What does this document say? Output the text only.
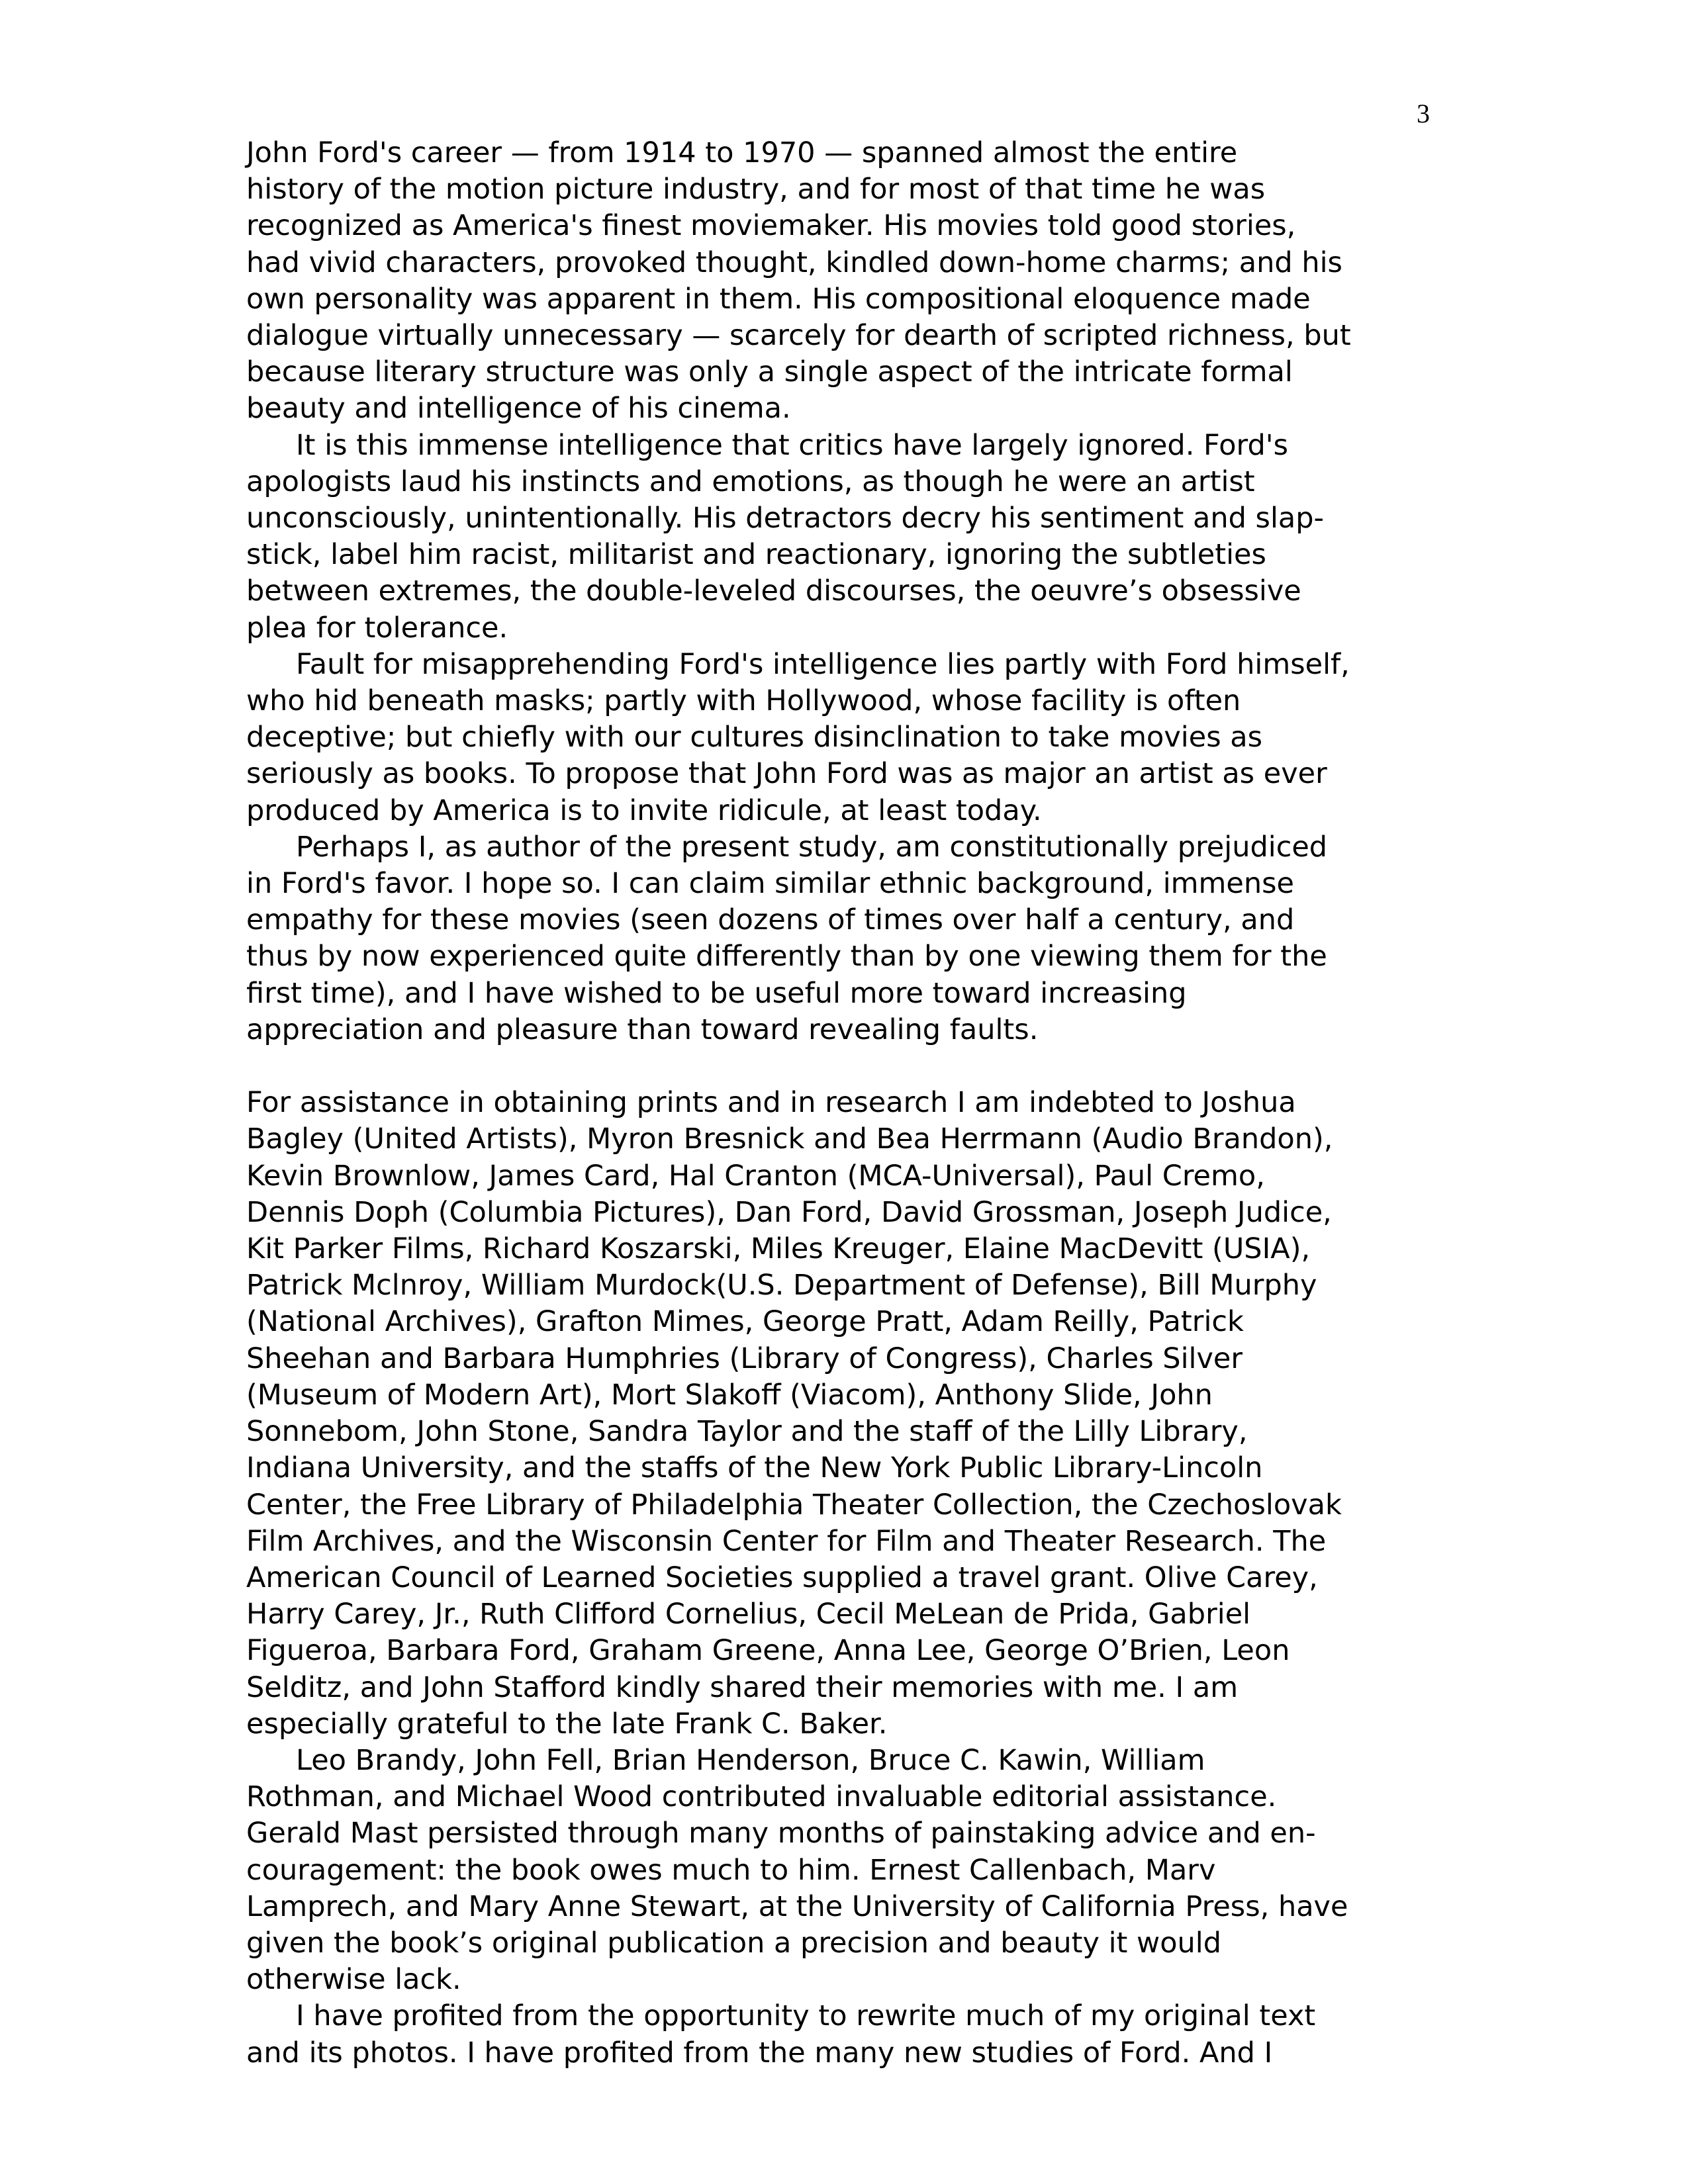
3

John Ford's career — from 1914 to 1970 — spanned almost the entire
history of the motion picture industry, and for most of that time he was
recognized as America's finest moviemaker. His movies told good stories,
had vivid characters, provoked thought, kindled down-home charms; and his
own personality was apparent in them. His compositional eloquence made
dialogue virtually unnecessary — scarcely for dearth of scripted richness, but
because literary structure was only a single aspect of the intricate formal
beauty and intelligence of his cinema.

It is this immense intelligence that critics have largely ignored. Ford's
apologists laud his instincts and emotions, as though he were an artist
unconsciously, unintentionally. His detractors decry his sentiment and slap-
stick, label him racist, militarist and reactionary, ignoring the subtleties
between extremes, the double-leveled discourses, the oeuvre’s obsessive
plea for tolerance.

Fault for misapprehending Ford's intelligence lies partly with Ford himself,
who hid beneath masks; partly with Hollywood, whose facility is often
deceptive; but chiefly with our cultures disinclination to take movies as
seriously as books. To propose that John Ford was as major an artist as ever
produced by America is to invite ridicule, at least today.

Perhaps I, as author of the present study, am constitutionally prejudiced
in Ford's favor. I hope so. I can claim similar ethnic background, immense
empathy for these movies (seen dozens of times over half a century, and
thus by now experienced quite differently than by one viewing them for the
first time), and I have wished to be useful more toward increasing
appreciation and pleasure than toward revealing faults.

For assistance in obtaining prints and in research I am indebted to Joshua
Bagley (United Artists), Myron Bresnick and Bea Herrmann (Audio Brandon),
Kevin Brownlow, James Card, Hal Cranton (MCA-Universal), Paul Cremo,
Dennis Doph (Columbia Pictures), Dan Ford, David Grossman, Joseph Judice,
Kit Parker Films, Richard Koszarski, Miles Kreuger, Elaine MacDevitt (USIA),
Patrick Mclnroy, William Murdock(U.S. Department of Defense), Bill Murphy
(National Archives), Grafton Mimes, George Pratt, Adam Reilly, Patrick
Sheehan and Barbara Humphries (Library of Congress), Charles Silver
(Museum of Modern Art), Mort Slakoff (Viacom), Anthony Slide, John
Sonnebom, John Stone, Sandra Taylor and the staff of the Lilly Library,
Indiana University, and the staffs of the New York Public Library-Lincoln
Center, the Free Library of Philadelphia Theater Collection, the Czechoslovak
Film Archives, and the Wisconsin Center for Film and Theater Research. The
American Council of Learned Societies supplied a travel grant. Olive Carey,
Harry Carey, Jr., Ruth Clifford Cornelius, Cecil MeLean de Prida, Gabriel
Figueroa, Barbara Ford, Graham Greene, Anna Lee, George O’Brien, Leon
Selditz, and John Stafford kindly shared their memories with me. I am
especially grateful to the late Frank C. Baker.

Leo Brandy, John Fell, Brian Henderson, Bruce C. Kawin, William
Rothman, and Michael Wood contributed invaluable editorial assistance.
Gerald Mast persisted through many months of painstaking advice and en-
couragement: the book owes much to him. Ernest Callenbach, Marv
Lamprech, and Mary Anne Stewart, at the University of California Press, have
given the book’s original publication a precision and beauty it would
otherwise lack.

I have profited from the opportunity to rewrite much of my original text
and its photos. I have profited from the many new studies of Ford. And I
